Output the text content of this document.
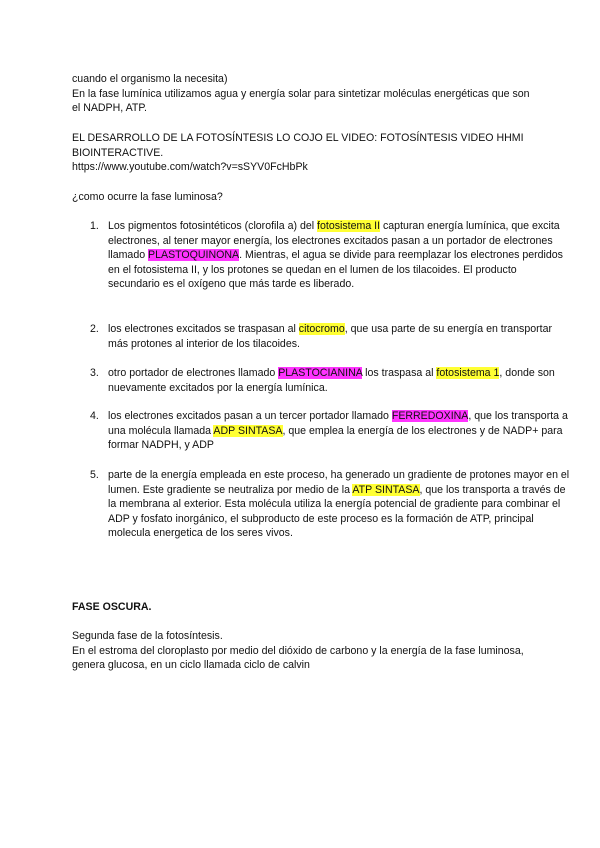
cuando el organismo la necesita)

En la fase lumínica utilizamos agua y energía solar para sintetizar moléculas energéticas que son el NADPH, ATP.

EL DESARROLLO DE LA FOTOSÍNTESIS LO COJO EL VIDEO: FOTOSÍNTESIS VIDEO HHMI BIOINTERACTIVE.

https://www.youtube.com/watch?v=sSYV0FcHbPk

¿como ocurre la fase luminosa?

1. Los pigmentos fotosintéticos (clorofila a) del fotosistema II capturan energía lumínica, que excita electrones, al tener mayor energía, los electrones excitados pasan a un portador de electrones llamado PLASTOQUINONA. Mientras, el agua se divide para reemplazar los electrones perdidos en el fotosistema II, y los protones se quedan en el lumen de los tilacoides. El producto secundario es el oxígeno que más tarde es liberado.
2. los electrones excitados se traspasan al citocromo, que usa parte de su energía en transportar más protones al interior de los tilacoides.
3. otro portador de electrones llamado PLASTOCIANINA los traspasa al fotosistema 1, donde son nuevamente excitados por la energía lumínica.
4. los electrones excitados pasan a un tercer portador llamado FERREDOXINA, que los transporta a una molécula llamada ADP SINTASA, que emplea la energía de los electrones y de NADP+ para formar NADPH, y ADP
5. parte de la energía empleada en este proceso, ha generado un gradiente de protones mayor en el lumen. Este gradiente se neutraliza por medio de la ATP SINTASA, que los transporta a través de la membrana al exterior. Esta molécula utiliza la energía potencial de gradiente para combinar el ADP y fosfato inorgánico, el subproducto de este proceso es la formación de ATP, principal molecula energetica de los seres vivos.

FASE OSCURA.

Segunda fase de la fotosíntesis.

En el estroma del cloroplasto por medio del dióxido de carbono y la energía de la fase luminosa, genera glucosa, en un ciclo llamada ciclo de calvin
